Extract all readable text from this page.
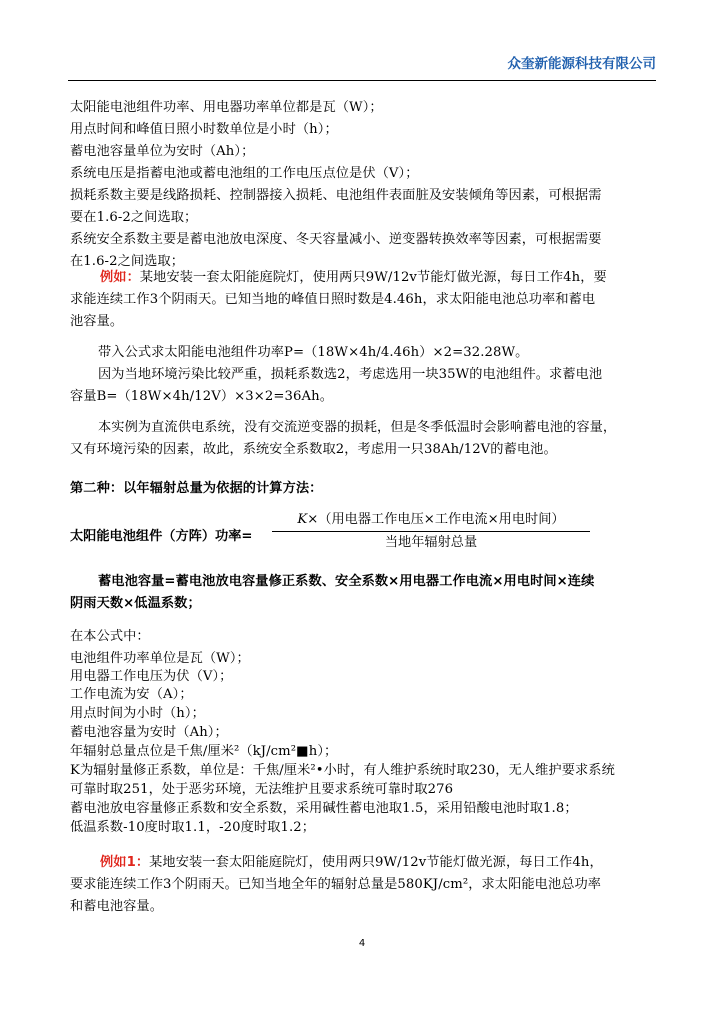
众奎新能源科技有限公司
太阳能电池组件功率、用电器功率单位都是瓦（W）；
用点时间和峰值日照小时数单位是小时（h）；
蓄电池容量单位为安时（Ah）；
系统电压是指蓄电池或蓄电池组的工作电压点位是伏（V）；
损耗系数主要是线路损耗、控制器接入损耗、电池组件表面脏及安装倾角等因素，可根据需
要在1.6-2之间选取；
系统安全系数主要是蓄电池放电深度、冬天容量减小、逆变器转换效率等因素，可根据需要
在1.6-2之间选取；
例如：某地安装一套太阳能庭院灯，使用两只9W/12v节能灯做光源，每日工作4h，要
求能连续工作3个阴雨天。已知当地的峰值日照时数是4.46h，求太阳能电池总功率和蓄电
池容量。
带入公式求太阳能电池组件功率P=（18W×4h/4.46h）×2=32.28W。
因为当地环境污染比较严重，损耗系数选2，考虑选用一块35W的电池组件。求蓄电池
容量B=（18W×4h/12V）×3×2=36Ah。
本实例为直流供电系统，没有交流逆变器的损耗，但是冬季低温时会影响蓄电池的容量，
又有环境污染的因素，故此，系统安全系数取2，考虑用一只38Ah/12V的蓄电池。
第二种：以年辐射总量为依据的计算方法：
太阳能电池组件（方阵）功率=
K×（用电器工作电压×工作电流×用电时间）
当地年辐射总量
蓄电池容量=蓄电池放电容量修正系数、安全系数×用电器工作电流×用电时间×连续
阴雨天数×低温系数；
在本公式中：
电池组件功率单位是瓦（W）；
用电器工作电压为伏（V）；
工作电流为安（A）；
用点时间为小时（h）；
蓄电池容量为安时（Ah）；
年辐射总量点位是千焦/厘米²（kJ/cm²■h）；
K为辐射量修正系数，单位是：千焦/厘米²•小时，有人维护系统时取230，无人维护要求系统
可靠时取251，处于恶劣环境，无法维护且要求系统可靠时取276
蓄电池放电容量修正系数和安全系数，采用碱性蓄电池取1.5，采用铅酸电池时取1.8；
低温系数-10度时取1.1，-20度时取1.2；
例如1：某地安装一套太阳能庭院灯，使用两只9W/12v节能灯做光源，每日工作4h，
要求能连续工作3个阴雨天。已知当地全年的辐射总量是580KJ/cm²，求太阳能电池总功率
和蓄电池容量。
4
